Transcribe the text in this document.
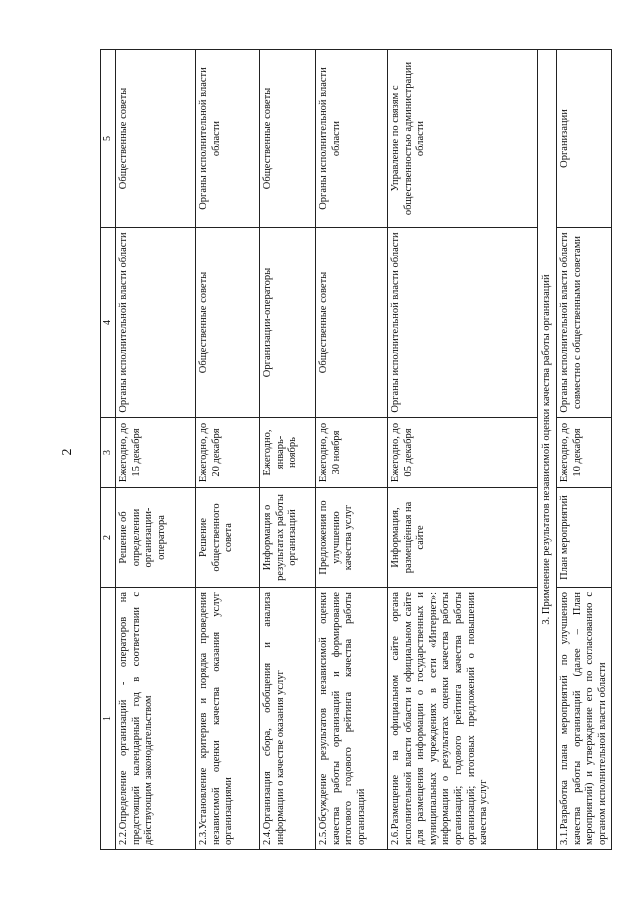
2
1	2	3	4	5
2.2.Определение организаций - операторов на предстоящий календарный год в соответствии с действующим законодательством	Решение об определении организации-оператора	Ежегодно, до 15 декабря	Органы исполнительной власти области	Общественные советы
2.3.Установление критериев и порядка проведения независимой оценки качества оказания услуг организациями	Решение общественного совета	Ежегодно, до 20 декабря	Общественные советы	Органы исполнительной власти области
2.4.Организация сбора, обобщения и анализа информации о качестве оказания услуг	Информация о результатах работы организаций	Ежегодно, январь-ноябрь	Организации-операторы	Общественные советы
2.5.Обсуждение результатов независимой оценки качества работы организаций и формирование итогового годового рейтинга качества работы организаций	Предложения по улучшению качества услуг	Ежегодно, до 30 ноября	Общественные советы	Органы исполнительной власти области
2.6.Размещение на официальном сайте органа исполнительной власти области и официальном сайте для размещения информации о государственных и муниципальных учреждениях в сети «Интернет»: информации о результатах оценки качества работы организаций; годового рейтинга качества работы организаций; итоговых предложений о повышении качества услуг	Информация, размещённая на сайте	Ежегодно, до 05 декабря	Органы исполнительной власти области	Управление по связям с общественностью администрации области
3. Применение результатов независимой оценки качества работы организаций				
3.1.Разработка плана мероприятий по улучшению качества работы организаций (далее – План мероприятий) и утверждение его по согласованию с органом исполнительной власти области	План мероприятий	Ежегодно, до 10 декабря	Органы исполнительной власти области совместно с общественными советами	Организации
